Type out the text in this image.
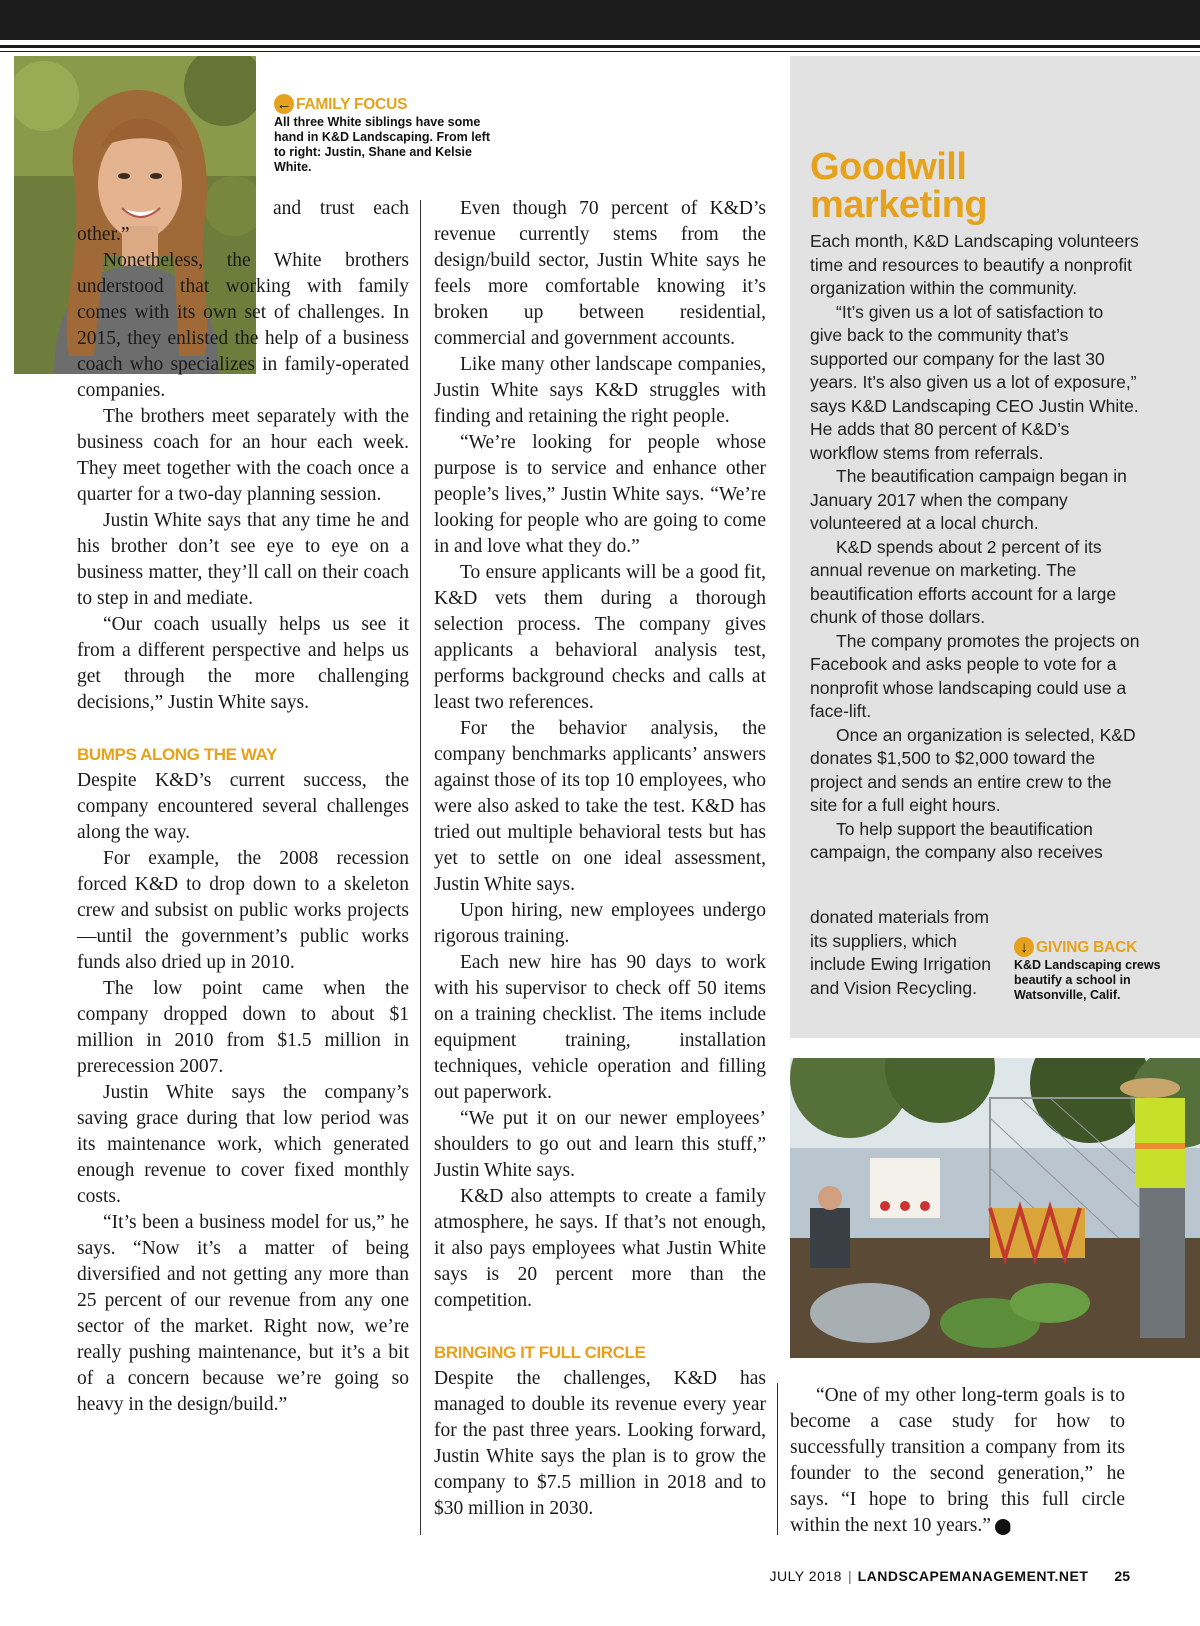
← FAMILY FOCUS
All three White siblings have some hand in K&D Landscaping. From left to right: Justin, Shane and Kelsie White.

and trust each other.”

Nonetheless, the White brothers understood that working with family comes with its own set of challenges. In 2015, they enlisted the help of a business coach who specializes in family-operated companies.

The brothers meet separately with the business coach for an hour each week. They meet together with the coach once a quarter for a two-day planning session.

Justin White says that any time he and his brother don’t see eye to eye on a business matter, they’ll call on their coach to step in and mediate.

“Our coach usually helps us see it from a different perspective and helps us get through the more challenging decisions,” Justin White says.

BUMPS ALONG THE WAY

Despite K&D’s current success, the company encountered several challenges along the way.

For example, the 2008 recession forced K&D to drop down to a skeleton crew and subsist on public works projects—until the government’s public works funds also dried up in 2010.

The low point came when the company dropped down to about $1 million in 2010 from $1.5 million in prerecession 2007.

Justin White says the company’s saving grace during that low period was its maintenance work, which generated enough revenue to cover fixed monthly costs.

“It’s been a business model for us,” he says. “Now it’s a matter of being diversified and not getting any more than 25 percent of our revenue from any one sector of the market. Right now, we’re really pushing maintenance, but it’s a bit of a concern because we’re going so heavy in the design/build.”

Even though 70 percent of K&D’s revenue currently stems from the design/build sector, Justin White says he feels more comfortable knowing it’s broken up between residential, commercial and government accounts.

Like many other landscape companies, Justin White says K&D struggles with finding and retaining the right people.

“We’re looking for people whose purpose is to service and enhance other people’s lives,” Justin White says. “We’re looking for people who are going to come in and love what they do.”

To ensure applicants will be a good fit, K&D vets them during a thorough selection process. The company gives applicants a behavioral analysis test, performs background checks and calls at least two references.

For the behavior analysis, the company benchmarks applicants’ answers against those of its top 10 employees, who were also asked to take the test. K&D has tried out multiple behavioral tests but has yet to settle on one ideal assessment, Justin White says.

Upon hiring, new employees undergo rigorous training.

Each new hire has 90 days to work with his supervisor to check off 50 items on a training checklist. The items include equipment training, installation techniques, vehicle operation and filling out paperwork.

“We put it on our newer employees’ shoulders to go out and learn this stuff,” Justin White says.

K&D also attempts to create a family atmosphere, he says. If that’s not enough, it also pays employees what Justin White says is 20 percent more than the competition.

BRINGING IT FULL CIRCLE

Despite the challenges, K&D has managed to double its revenue every year for the past three years. Looking forward, Justin White says the plan is to grow the company to $7.5 million in 2018 and to $30 million in 2030.

Goodwill
marketing

Each month, K&D Landscaping volunteers time and resources to beautify a nonprofit organization within the community.

“It’s given us a lot of satisfaction to give back to the community that’s supported our company for the last 30 years. It’s also given us a lot of exposure,” says K&D Landscaping CEO Justin White. He adds that 80 percent of K&D’s workflow stems from referrals.

The beautification campaign began in January 2017 when the company volunteered at a local church.

K&D spends about 2 percent of its annual revenue on marketing. The beautification efforts account for a large chunk of those dollars.

The company promotes the projects on Facebook and asks people to vote for a nonprofit whose landscaping could use a face-lift.

Once an organization is selected, K&D donates $1,500 to $2,000 toward the project and sends an entire crew to the site for a full eight hours.

To help support the beautification campaign, the company also receives

donated materials from its suppliers, which include Ewing Irrigation and Vision Recycling.
↓ GIVING BACK
K&D Landscaping crews beautify a school in Watsonville, Calif.

“One of my other long-term goals is to become a case study for how to successfully transition a company from its founder to the second generation,” he says. “I hope to bring this full circle within the next 10 years.” LM

JULY 2018 | LANDSCAPEMANAGEMENT.NET 25
